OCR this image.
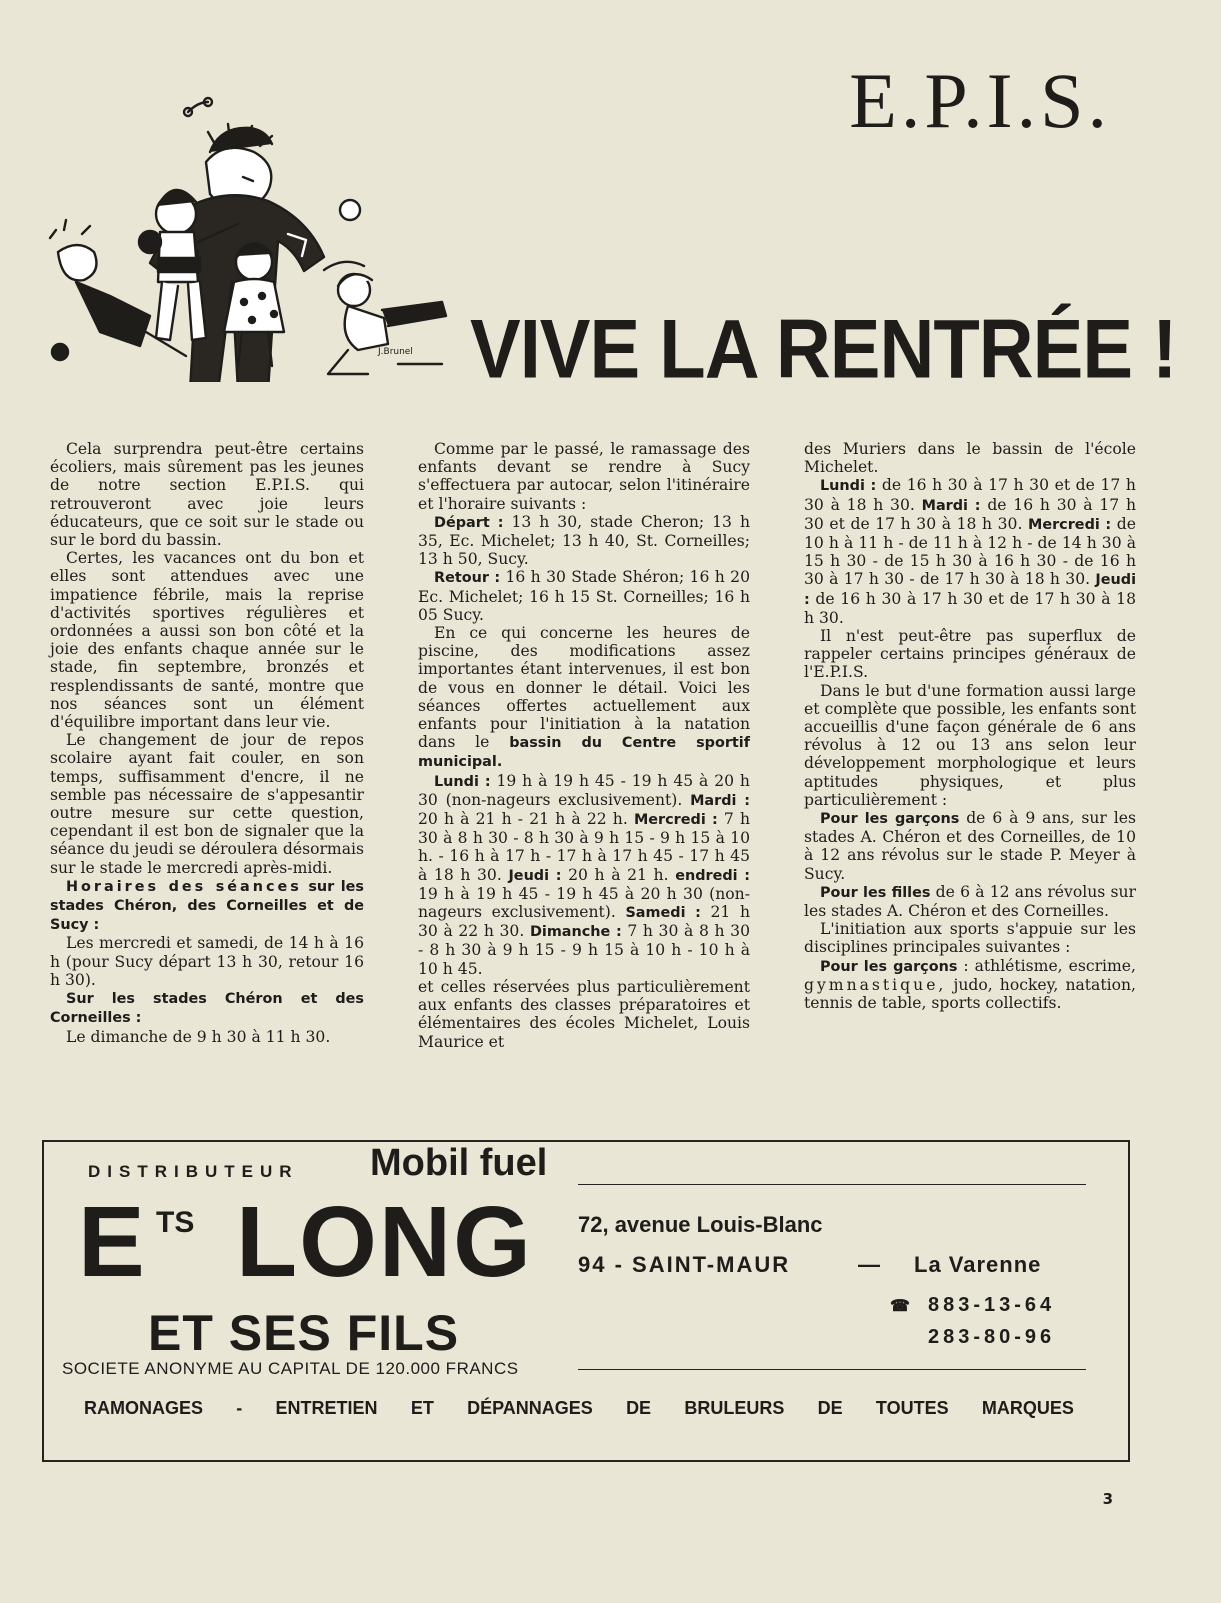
E.P.I.S.
J.Brunel VIVE LA RENTRÉE !

Cela surprendra peut-être certains écoliers, mais sûrement pas les jeunes de notre section E.P.I.S. qui retrouveront avec joie leurs éducateurs, que ce soit sur le stade ou sur le bord du bassin.

Certes, les vacances ont du bon et elles sont attendues avec une impatience fébrile, mais la reprise d'activités sportives régulières et ordonnées a aussi son bon côté et la joie des enfants chaque année sur le stade, fin septembre, bronzés et resplendissants de santé, montre que nos séances sont un élément d'équilibre important dans leur vie.

Le changement de jour de repos scolaire ayant fait couler, en son temps, suffisamment d'encre, il ne semble pas nécessaire de s'appesantir outre mesure sur cette question, cependant il est bon de signaler que la séance du jeudi se déroulera désormais sur le stade le mercredi après-midi.

Horaires des séances sur les stades Chéron, des Corneilles et de Sucy :

Les mercredi et samedi, de 14 h à 16 h (pour Sucy départ 13 h 30, retour 16 h 30).

Sur les stades Chéron et des Corneilles :

Le dimanche de 9 h 30 à 11 h 30.

Comme par le passé, le ramassage des enfants devant se rendre à Sucy s'effectuera par autocar, selon l'itinéraire et l'horaire suivants :

Départ : 13 h 30, stade Cheron; 13 h 35, Ec. Michelet; 13 h 40, St. Corneilles; 13 h 50, Sucy.

Retour : 16 h 30 Stade Shéron; 16 h 20 Ec. Michelet; 16 h 15 St. Corneilles; 16 h 05 Sucy.

En ce qui concerne les heures de piscine, des modifications assez importantes étant intervenues, il est bon de vous en donner le détail. Voici les séances offertes actuellement aux enfants pour l'initiation à la natation dans le bassin du Centre sportif municipal.

Lundi : 19 h à 19 h 45 - 19 h 45 à 20 h 30 (non-nageurs exclusivement). Mardi : 20 h à 21 h - 21 h à 22 h. Mercredi : 7 h 30 à 8 h 30 - 8 h 30 à 9 h 15 - 9 h 15 à 10 h. - 16 h à 17 h - 17 h à 17 h 45 - 17 h 45 à 18 h 30. Jeudi : 20 h à 21 h. endredi : 19 h à 19 h 45 - 19 h 45 à 20 h 30 (non-nageurs exclusivement). Samedi : 21 h 30 à 22 h 30. Dimanche : 7 h 30 à 8 h 30 - 8 h 30 à 9 h 15 - 9 h 15 à 10 h - 10 h à 10 h 45.

et celles réservées plus particulièrement aux enfants des classes préparatoires et élémentaires des écoles Michelet, Louis Maurice et

des Muriers dans le bassin de l'école Michelet.

Lundi : de 16 h 30 à 17 h 30 et de 17 h 30 à 18 h 30. Mardi : de 16 h 30 à 17 h 30 et de 17 h 30 à 18 h 30. Mercredi : de 10 h à 11 h - de 11 h à 12 h - de 14 h 30 à 15 h 30 - de 15 h 30 à 16 h 30 - de 16 h 30 à 17 h 30 - de 17 h 30 à 18 h 30. Jeudi : de 16 h 30 à 17 h 30 et de 17 h 30 à 18 h 30.

Il n'est peut-être pas superflux de rappeler certains principes généraux de l'E.P.I.S.

Dans le but d'une formation aussi large et complète que possible, les enfants sont accueillis d'une façon générale de 6 ans révolus à 12 ou 13 ans selon leur développement morphologique et leurs aptitudes physiques, et plus particulièrement :

Pour les garçons de 6 à 9 ans, sur les stades A. Chéron et des Corneilles, de 10 à 12 ans révolus sur le stade P. Meyer à Sucy.

Pour les filles de 6 à 12 ans révolus sur les stades A. Chéron et des Corneilles.

L'initiation aux sports s'appuie sur les disciplines principales suivantes :

Pour les garçons : athlétisme, escrime, gymnastique, judo, hockey, natation, tennis de table, sports collectifs.

DISTRIBUTEUR Mobil fuel
E TS LONG
ET SES FILS
72, avenue Louis-Blanc
94 - SAINT-MAUR	— La Varenne
☎ 883-13-64
283-80-96
SOCIETE ANONYME AU CAPITAL DE 120.000 FRANCS
RAMONAGES - ENTRETIEN ET DÉPANNAGES DE BRULEURS DE TOUTES MARQUES
3
